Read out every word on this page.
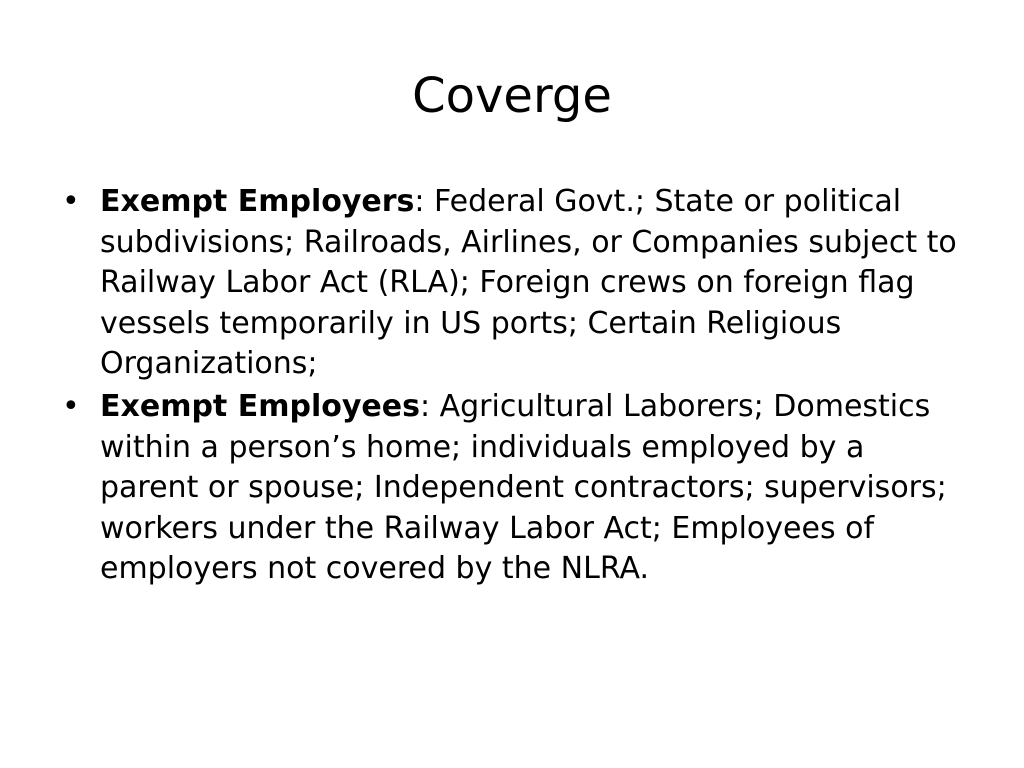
Coverge
• Exempt Employers: Federal Govt.; State or political subdivisions; Railroads, Airlines, or Companies subject to Railway Labor Act (RLA); Foreign crews on foreign flag vessels temporarily in US ports; Certain Religious Organizations;
• Exempt Employees: Agricultural Laborers; Domestics within a person’s home; individuals employed by a parent or spouse; Independent contractors; supervisors; workers under the Railway Labor Act; Employees of employers not covered by the NLRA.
